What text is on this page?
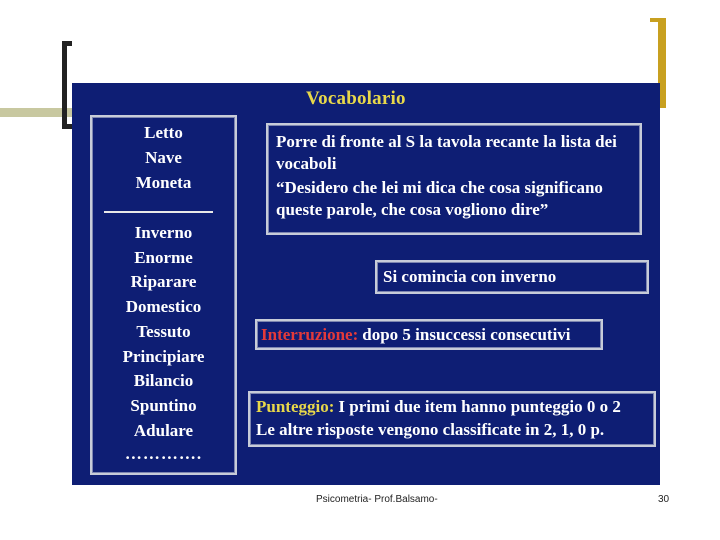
Vocabolario
Letto
Nave
Moneta
Inverno
Enorme
Riparare
Domestico
Tessuto
Principiare
Bilancio
Spuntino
Adulare
………….

Porre di fronte al S la tavola recante la lista dei vocaboli

“Desidero che lei mi dica che cosa significano queste parole, che cosa vogliono dire”

Si comincia con inverno
Interruzione: dopo 5 insuccessi consecutivi
Punteggio: I primi due item hanno punteggio 0 o 2
Le altre risposte vengono classificate in 2, 1, 0 p.
Psicometria- Prof.Balsamo-	30
